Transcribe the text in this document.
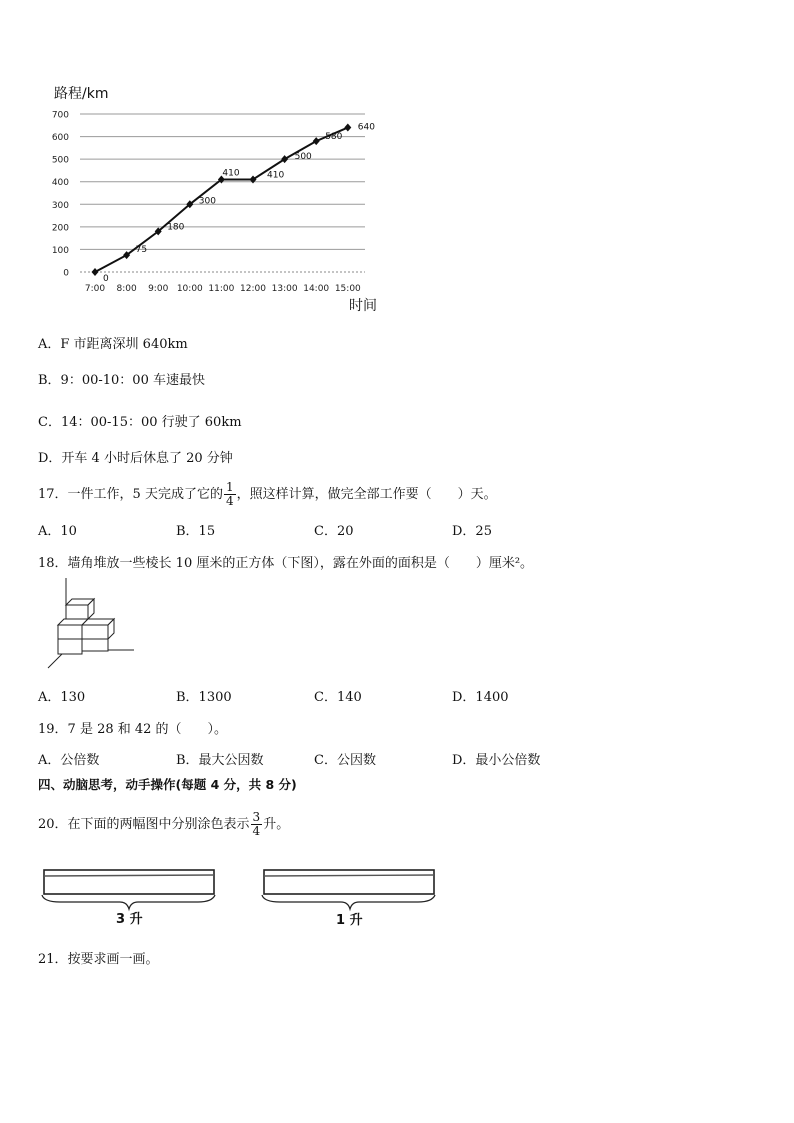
路程/km
时间
0
100
200
300
400
500
600
700
7:00 8:00 9:00 10:00 11:00 12:00 13:00 14:00 15:00
0
75
180
300
410	410
500
580
640
A．F 市距离深圳 640km
B．9：00-10：00 车速最快
C．14：00-15：00 行驶了 60km
D．开车 4 小时后休息了 20 分钟
17．一件工作，5 天完成了它的 $\frac{1}{4}$ ，照这样计算，做完全部工作要（　　）天。
A．10	B．15	C．20	D．25
18．墙角堆放一些棱长 10 厘米的正方体（下图），露在外面的面积是（　　）厘米²。
A．130	B．1300	C．140	D．1400
19．7 是 28 和 42 的（　　）。
A．公倍数	B．最大公因数	C．公因数	D．最小公倍数
四、动脑思考，动手操作(每题 4 分，共 8 分)
20．在下面的两幅图中分别涂色表示 $\frac{3}{4}$ 升。
3 升	1 升
21．按要求画一画。
